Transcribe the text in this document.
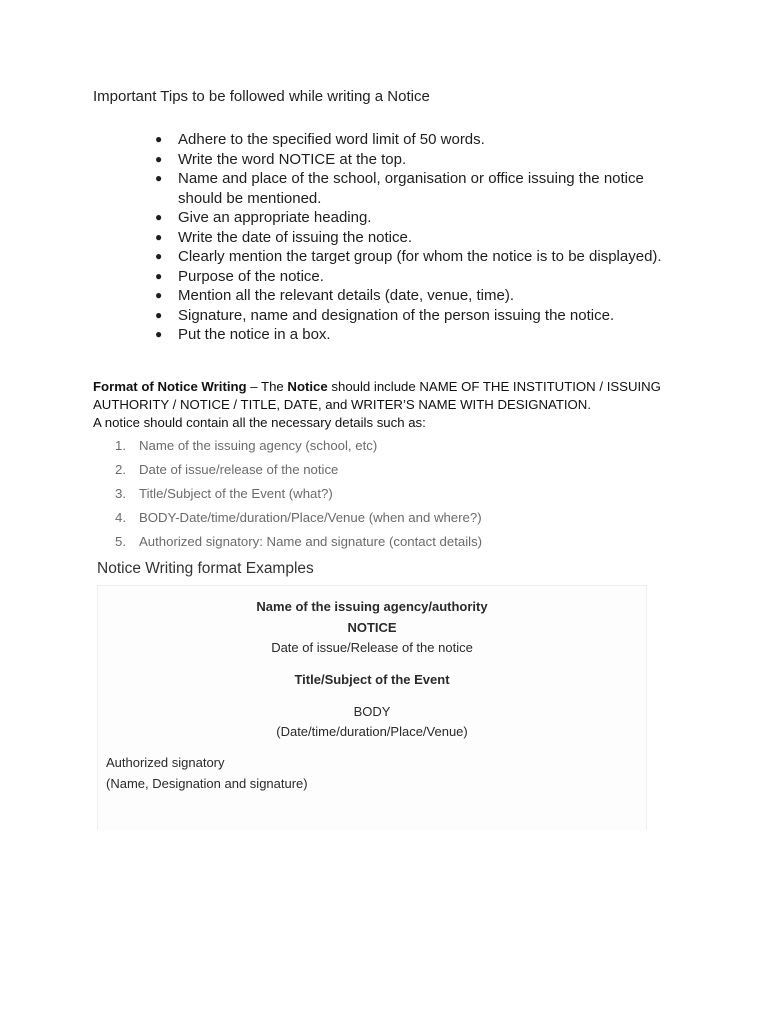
Important Tips to be followed while writing a Notice
● Adhere to the specified word limit of 50 words.
● Write the word NOTICE at the top.
● Name and place of the school, organisation or office issuing the notice should be mentioned.
● Give an appropriate heading.
● Write the date of issuing the notice.
● Clearly mention the target group (for whom the notice is to be displayed).
● Purpose of the notice.
● Mention all the relevant details (date, venue, time).
● Signature, name and designation of the person issuing the notice.
● Put the notice in a box.
Format of Notice Writing – The Notice should include NAME OF THE INSTITUTION / ISSUING AUTHORITY / NOTICE / TITLE, DATE, and WRITER’S NAME WITH DESIGNATION.
A notice should contain all the necessary details such as:
1. Name of the issuing agency (school, etc)
2. Date of issue/release of the notice
3. Title/Subject of the Event (what?)
4. BODY-Date/time/duration/Place/Venue (when and where?)
5. Authorized signatory: Name and signature (contact details)
Notice Writing format Examples
Name of the issuing agency/authority
NOTICE
Date of issue/Release of the notice
Title/Subject of the Event
BODY
(Date/time/duration/Place/Venue)
Authorized signatory
(Name, Designation and signature)
